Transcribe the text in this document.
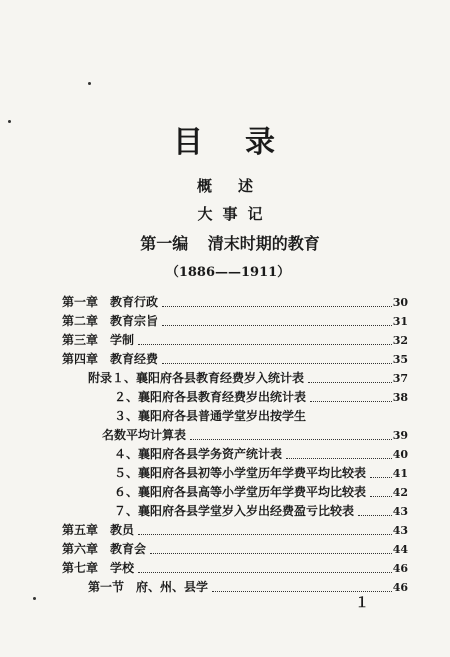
目录
概述
大事记
第一编 清末时期的教育
（1886——1911）
第一章　教育行政	30
第二章　教育宗旨	31
第三章　学制	32
第四章　教育经费	35
附录１、襄阳府各县教育经费岁入统计表	37
２、襄阳府各县教育经费岁出统计表	38
３、襄阳府各县普通学堂岁出按学生
名数平均计算表	39
４、襄阳府各县学务资产统计表	40
５、襄阳府各县初等小学堂历年学费平均比较表 41
６、襄阳府各县高等小学堂历年学费平均比较表 42
７、襄阳府各县学堂岁入岁出经费盈亏比较表	43
第五章　教员	43
第六章　教育会	44
第七章　学校	46
第一节　府、州、县学	46
１
